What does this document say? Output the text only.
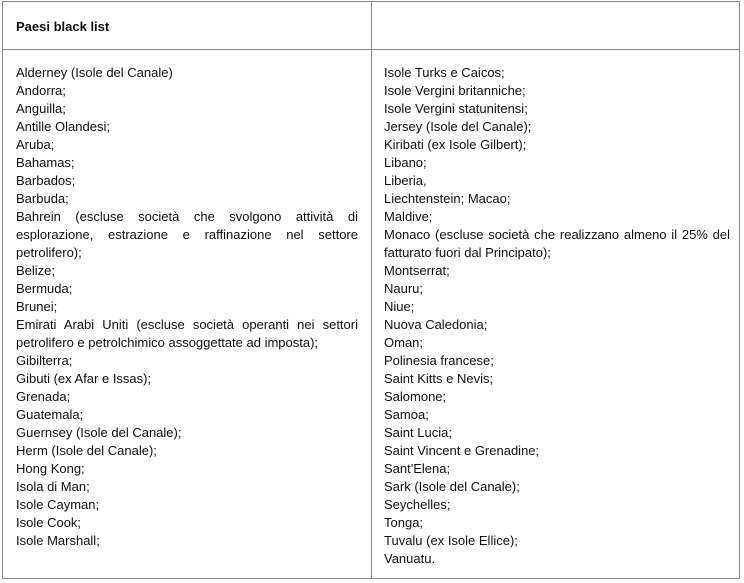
Paesi black list
Alderney (Isole del Canale)
Andorra;
Anguilla;
Antille Olandesi;
Aruba;
Bahamas;
Barbados;
Barbuda;
Bahrein (escluse società che svolgono attività di esplorazione, estrazione e raffinazione nel settore petrolifero);
Belize;
Bermuda;
Brunei;
Emirati Arabi Uniti (escluse società operanti nei settori petrolifero e petrolchimico assoggettate ad imposta);
Gibilterra;
Gibuti (ex Afar e Issas);
Grenada;
Guatemala;
Guernsey (Isole del Canale);
Herm (Isole del Canale);
Hong Kong;
Isola di Man;
Isole Cayman;
Isole Cook;
Isole Marshall;
Isole Turks e Caicos;
Isole Vergini britanniche;
Isole Vergini statunitensi;
Jersey (Isole del Canale);
Kiribati (ex Isole Gilbert);
Libano;
Liberia,
Liechtenstein; Macao;
Maldive;
Monaco (escluse società che realizzano almeno il 25% del fatturato fuori dal Principato);
Montserrat;
Nauru;
Niue;
Nuova Caledonia;
Oman;
Polinesia francese;
Saint Kitts e Nevis;
Salomone;
Samoa;
Saint Lucia;
Saint Vincent e Grenadine;
Sant'Elena;
Sark (Isole del Canale);
Seychelles;
Tonga;
Tuvalu (ex Isole Ellice);
Vanuatu.
